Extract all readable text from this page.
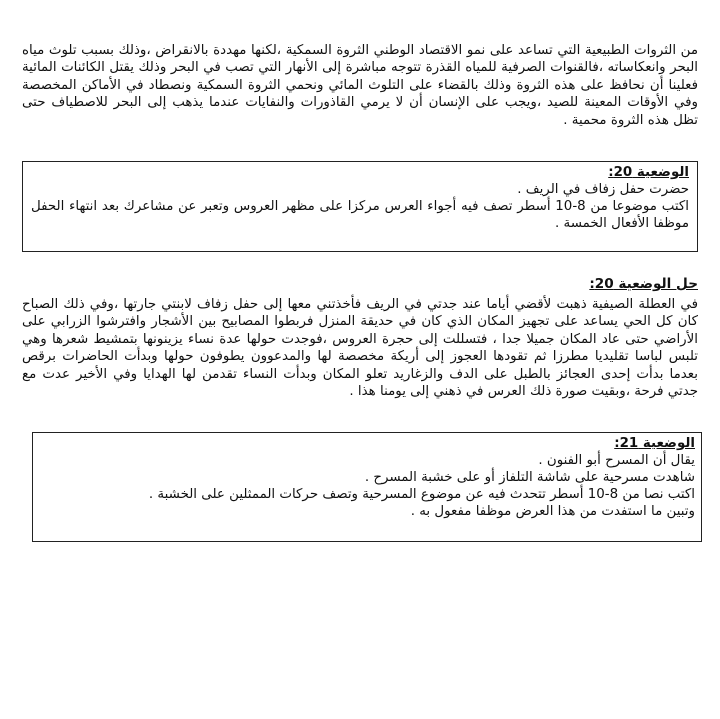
من الثروات الطبيعية التي تساعد على نمو الاقتصاد الوطني الثروة السمكية ،لكنها مهددة بالانقراض ،وذلك بسبب تلوث مياه البحر وانعكاساته ،فالقنوات الصرفية للمياه القذرة تتوجه مباشرة إلى الأنهار التي تصب في البحر وذلك يقتل الكائنات المائية فعلينا أن نحافظ على هذه الثروة وذلك بالقضاء على التلوث المائي ونحمي الثروة السمكية ونصطاد في الأماكن المخصصة وفي الأوقات المعينة للصيد ،ويجب على الإنسان أن لا يرمي القاذورات والنفايات عندما يذهب إلى البحر للاصطياف حتى تظل هذه الثروة محمية .
الوضعية 20:
حضرت حفل زفاف في الريف .
اكتب موضوعا من 8-10 أسطر تصف فيه أجواء العرس مركزا على مظهر العروس وتعبر عن مشاعرك بعد انتهاء الحفل موظفا الأفعال الخمسة .
حل الوضعية 20:
في العطلة الصيفية ذهبت لأقضي أياما عند جدتي في الريف فأخذتني معها إلى حفل زفاف لابنتي جارتها ،وفي ذلك الصباح كان كل الحي يساعد على تجهيز المكان الذي كان في حديقة المنزل فربطوا المصابيح بين الأشجار وافترشوا الزرابي على الأراضي حتى عاد المكان جميلا جدا ، فتسللت إلى حجرة العروس ،فوجدت حولها عدة نساء يزينونها بتمشيط شعرها وهي تلبس لباسا تقليديا مطرزا ثم تقودها العجوز إلى أريكة مخصصة لها والمدعوون يطوفون حولها وبدأت الحاضرات برقص بعدما بدأت إحدى العجائز بالطبل على الدف والزغاريد تعلو المكان وبدأت النساء تقدمن لها الهدايا وفي الأخير عدت مع جدتي فرحة ،وبقيت صورة ذلك العرس في ذهني إلى يومنا هذا .
الوضعية 21:
يقال أن المسرح أبو الفنون .
شاهدت مسرحية على شاشة التلفاز أو على خشبة المسرح .
اكتب نصا من 8-10 أسطر تتحدث فيه عن موضوع المسرحية وتصف حركات الممثلين على الخشبة .
وتبين ما استفدت من هذا العرض موظفا مفعول به .
